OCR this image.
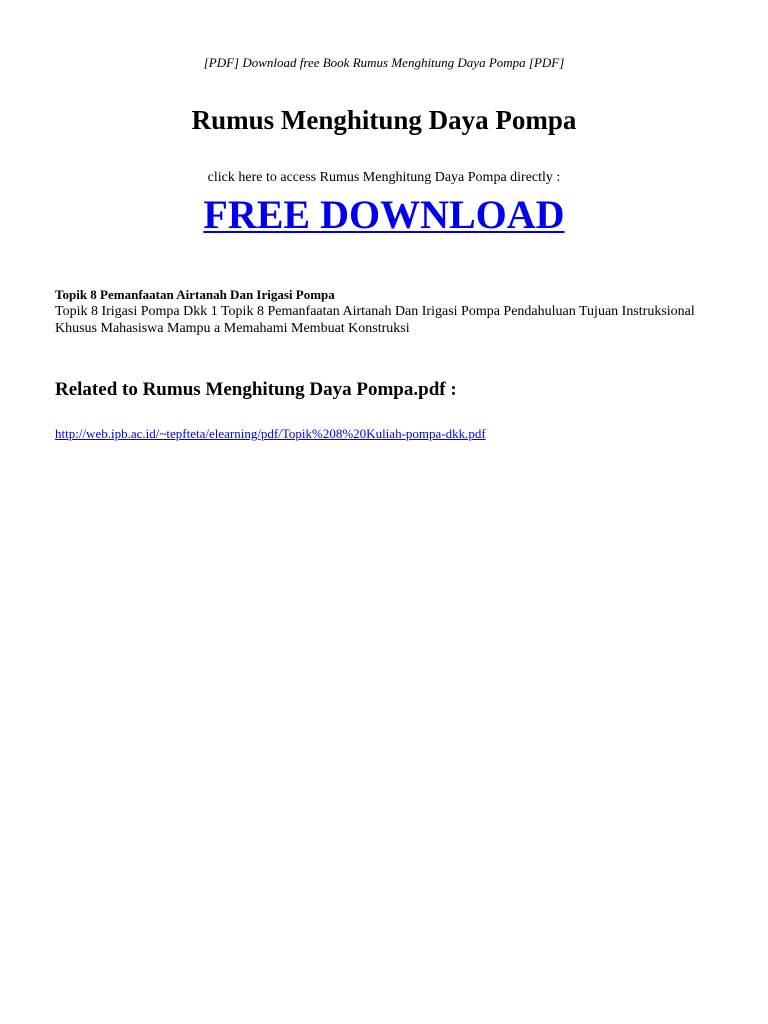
[PDF] Download free Book Rumus Menghitung Daya Pompa [PDF]
Rumus Menghitung Daya Pompa
click here to access Rumus Menghitung Daya Pompa directly :
FREE DOWNLOAD
Topik 8 Pemanfaatan Airtanah Dan Irigasi Pompa
Topik 8 Irigasi Pompa Dkk 1 Topik 8 Pemanfaatan Airtanah Dan Irigasi Pompa Pendahuluan Tujuan Instruksional Khusus Mahasiswa Mampu a Memahami Membuat Konstruksi
Related to Rumus Menghitung Daya Pompa.pdf :
http://web.ipb.ac.id/~tepfteta/elearning/pdf/Topik%208%20Kuliah-pompa-dkk.pdf
